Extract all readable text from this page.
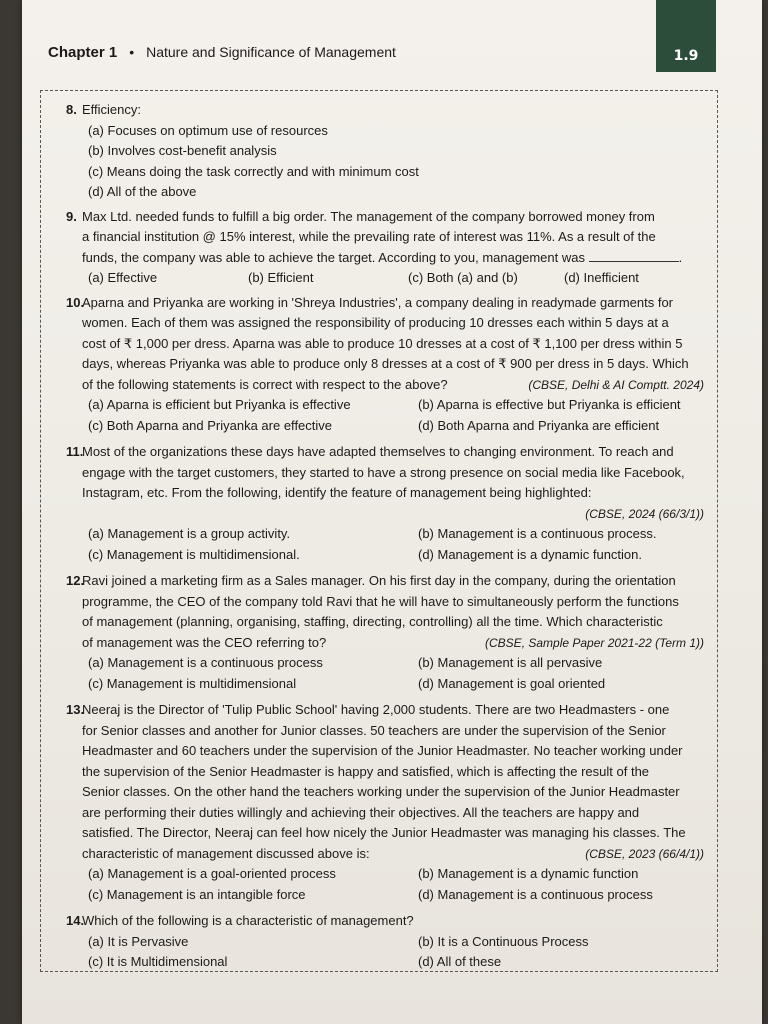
1.9
Chapter 1 • Nature and Significance of Management
8. Efficiency:
(a) Focuses on optimum use of resources
(b) Involves cost-benefit analysis
(c) Means doing the task correctly and with minimum cost
(d) All of the above
9. Max Ltd. needed funds to fulfill a big order. The management of the company borrowed money from
a financial institution @ 15% interest, while the prevailing rate of interest was 11%. As a result of the
funds, the company was able to achieve the target. According to you, management was	.
(a) Effective	(b) Efficient	(c) Both (a) and (b)	(d) Inefficient
10.
Aparna and Priyanka are working in 'Shreya Industries', a company dealing in readymade garments for
women. Each of them was assigned the responsibility of producing 10 dresses each within 5 days at a
cost of ₹ 1,000 per dress. Aparna was able to produce 10 dresses at a cost of ₹ 1,100 per dress within 5
days, whereas Priyanka was able to produce only 8 dresses at a cost of ₹ 900 per dress in 5 days. Which
of the following statements is correct with respect to the above?	(CBSE, Delhi & AI Comptt. 2024)
(a) Aparna is efficient but Priyanka is effective	(b) Aparna is effective but Priyanka is efficient
(c) Both Aparna and Priyanka are effective	(d) Both Aparna and Priyanka are efficient
11.
Most of the organizations these days have adapted themselves to changing environment. To reach and
engage with the target customers, they started to have a strong presence on social media like Facebook,
Instagram, etc. From the following, identify the feature of management being highlighted:
(CBSE, 2024 (66/3/1))
(a) Management is a group activity.	(b) Management is a continuous process.
(c) Management is multidimensional.	(d) Management is a dynamic function.
12.
Ravi joined a marketing firm as a Sales manager. On his first day in the company, during the orientation
programme, the CEO of the company told Ravi that he will have to simultaneously perform the functions
of management (planning, organising, staffing, directing, controlling) all the time. Which characteristic
of management was the CEO referring to?	(CBSE, Sample Paper 2021-22 (Term 1))
(a) Management is a continuous process	(b) Management is all pervasive
(c) Management is multidimensional	(d) Management is goal oriented
13.
Neeraj is the Director of 'Tulip Public School' having 2,000 students. There are two Headmasters - one
for Senior classes and another for Junior classes. 50 teachers are under the supervision of the Senior
Headmaster and 60 teachers under the supervision of the Junior Headmaster. No teacher working under
the supervision of the Senior Headmaster is happy and satisfied, which is affecting the result of the
Senior classes. On the other hand the teachers working under the supervision of the Junior Headmaster
are performing their duties willingly and achieving their objectives. All the teachers are happy and
satisfied. The Director, Neeraj can feel how nicely the Junior Headmaster was managing his classes. The
characteristic of management discussed above is:	(CBSE, 2023 (66/4/1))
(a) Management is a goal-oriented process	(b) Management is a dynamic function
(c) Management is an intangible force	(d) Management is a continuous process
14.
Which of the following is a characteristic of management?
(a) It is Pervasive	(b) It is a Continuous Process
(c) It is Multidimensional	(d) All of these
